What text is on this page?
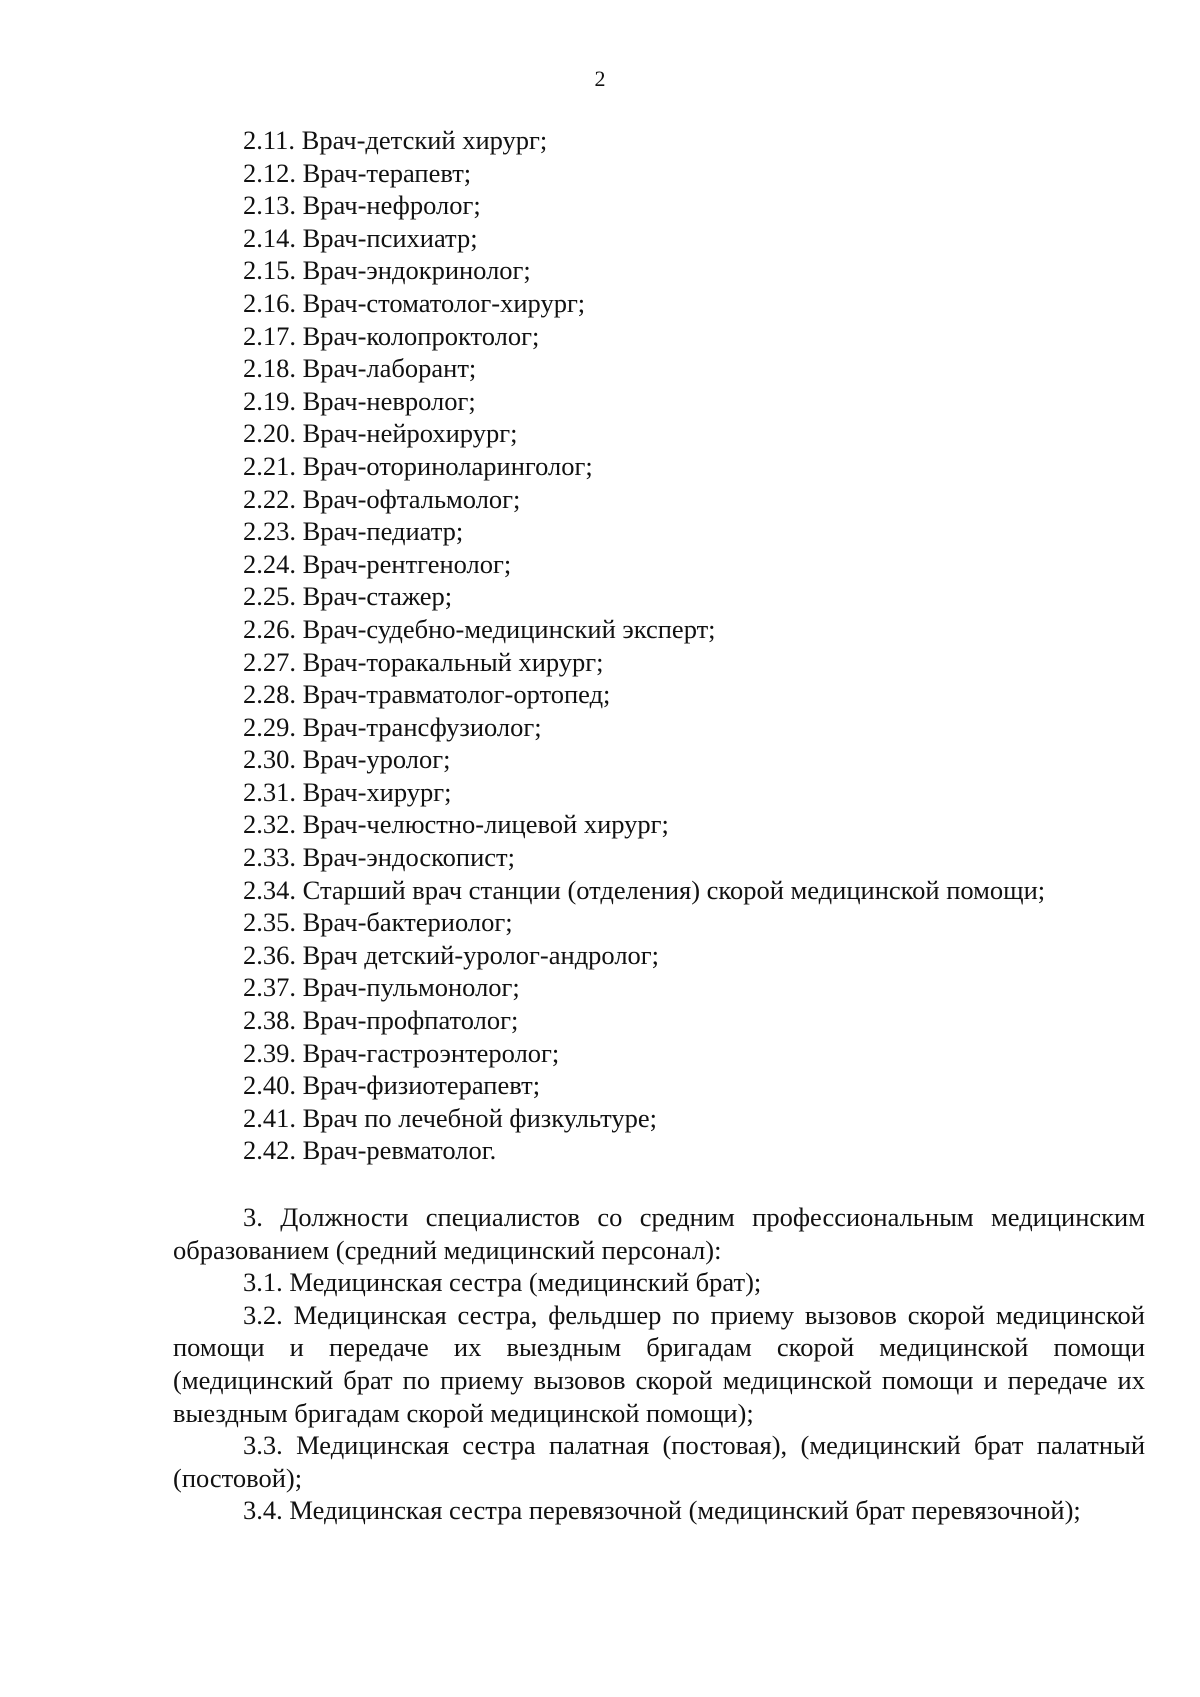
2
2.11. Врач-детский хирург;
2.12. Врач-терапевт;
2.13. Врач-нефролог;
2.14. Врач-психиатр;
2.15. Врач-эндокринолог;
2.16. Врач-стоматолог-хирург;
2.17. Врач-колопроктолог;
2.18. Врач-лаборант;
2.19. Врач-невролог;
2.20. Врач-нейрохирург;
2.21. Врач-оториноларинголог;
2.22. Врач-офтальмолог;
2.23. Врач-педиатр;
2.24. Врач-рентгенолог;
2.25. Врач-стажер;
2.26. Врач-судебно-медицинский эксперт;
2.27. Врач-торакальный хирург;
2.28. Врач-травматолог-ортопед;
2.29. Врач-трансфузиолог;
2.30. Врач-уролог;
2.31. Врач-хирург;
2.32. Врач-челюстно-лицевой хирург;
2.33. Врач-эндоскопист;
2.34. Старший врач станции (отделения) скорой медицинской помощи;
2.35. Врач-бактериолог;
2.36. Врач детский-уролог-андролог;
2.37. Врач-пульмонолог;
2.38. Врач-профпатолог;
2.39. Врач-гастроэнтеролог;
2.40. Врач-физиотерапевт;
2.41. Врач по лечебной физкультуре;
2.42. Врач-ревматолог.

3. Должности специалистов со средним профессиональным медицинским образованием (средний медицинский персонал):

3.1. Медицинская сестра (медицинский брат);

3.2. Медицинская сестра, фельдшер по приему вызовов скорой медицинской помощи и передаче их выездным бригадам скорой медицинской помощи (медицинский брат по приему вызовов скорой медицинской помощи и передаче их выездным бригадам скорой медицинской помощи);

3.3. Медицинская сестра палатная (постовая), (медицинский брат палатный (постовой);

3.4. Медицинская сестра перевязочной (медицинский брат перевязочной);
